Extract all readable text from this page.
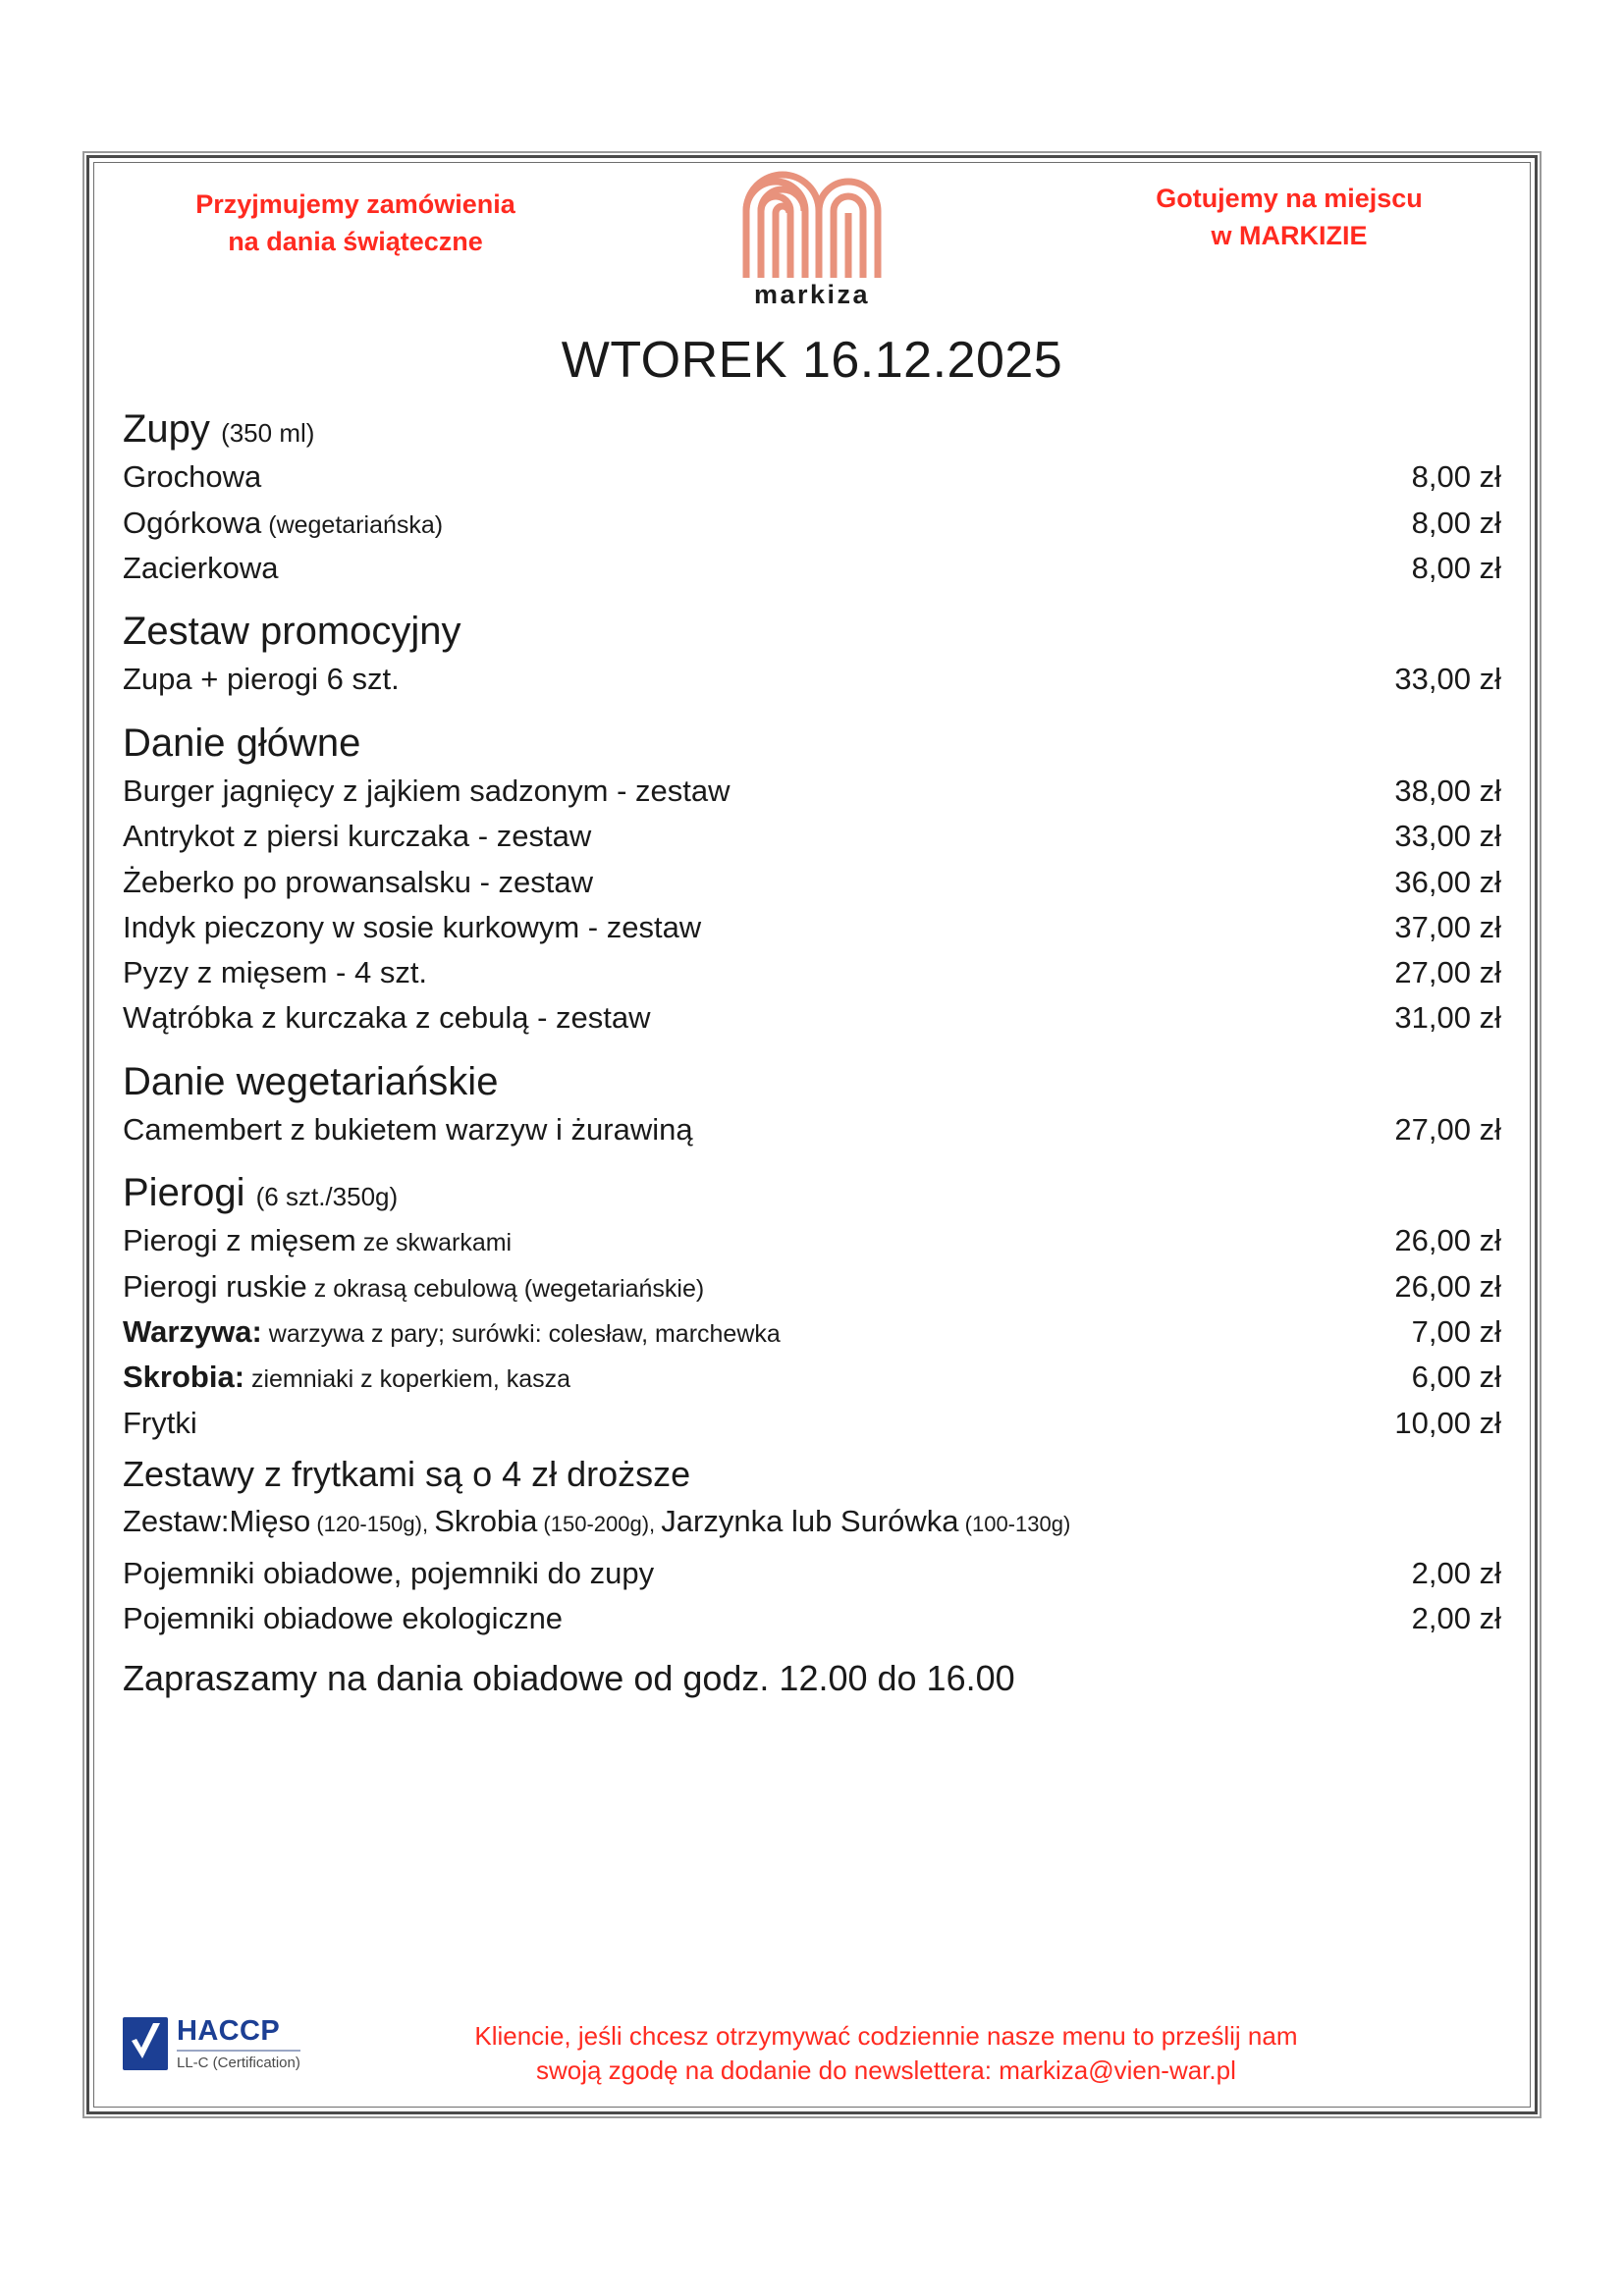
Przyjmujemy zamówienia
na dania świąteczne
markiza
Gotujemy na miejscu
w MARKIZIE
WTOREK 16.12.2025
Zupy (350 ml)
Grochowa	8,00 zł
Ogórkowa (wegetariańska)	8,00 zł
Zacierkowa	8,00 zł
Zestaw promocyjny
Zupa + pierogi 6 szt.	33,00 zł
Danie główne
Burger jagnięcy z jajkiem sadzonym - zestaw	38,00 zł
Antrykot z piersi kurczaka - zestaw	33,00 zł
Żeberko po prowansalsku - zestaw	36,00 zł
Indyk pieczony w sosie kurkowym - zestaw	37,00 zł
Pyzy z mięsem - 4 szt.	27,00 zł
Wątróbka z kurczaka z cebulą - zestaw	31,00 zł
Danie wegetariańskie
Camembert z bukietem warzyw i żurawiną	27,00 zł
Pierogi (6 szt./350g)
Pierogi z mięsem ze skwarkami	26,00 zł
Pierogi ruskie z okrasą cebulową (wegetariańskie)	26,00 zł
Warzywa: warzywa z pary; surówki: colesław, marchewka	7,00 zł
Skrobia: ziemniaki z koperkiem, kasza	6,00 zł
Frytki	10,00 zł
Zestawy z frytkami są o 4 zł droższe
Zestaw:Mięso (120-150g), Skrobia (150-200g), Jarzynka lub Surówka (100-130g)
Pojemniki obiadowe, pojemniki do zupy	2,00 zł
Pojemniki obiadowe ekologiczne	2,00 zł
Zapraszamy na dania obiadowe od godz. 12.00 do 16.00
HACCP
LL-C (Certification)
Kliencie, jeśli chcesz otrzymywać codziennie nasze menu to prześlij nam
swoją zgodę na dodanie do newslettera: markiza@vien-war.pl
